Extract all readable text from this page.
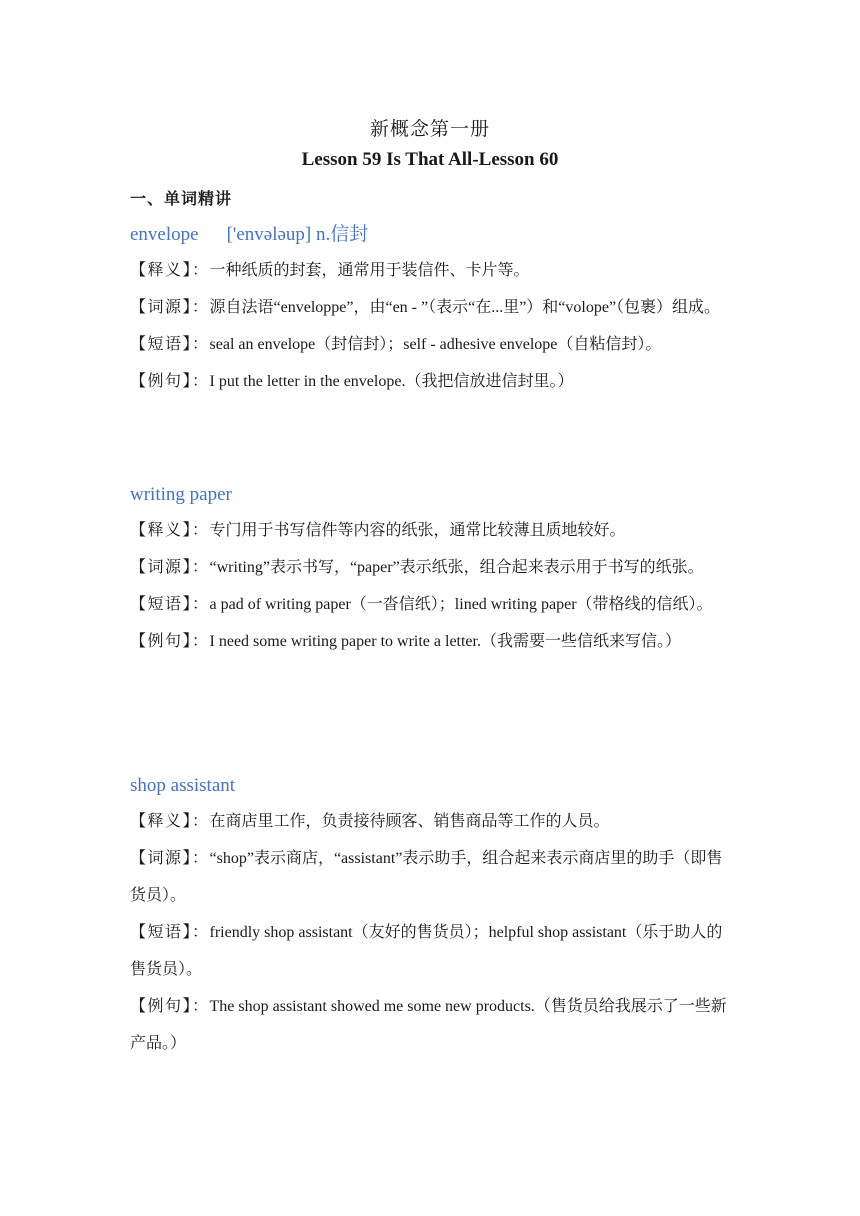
新概念第一册
Lesson 59 Is That All-Lesson 60
一、单词精讲
envelope ['envələup] n.信封

【释义】：一种纸质的封套，通常用于装信件、卡片等。

【词源】：源自法语“enveloppe”，由“en - ”（表示“在...里”）和“volope”（包裹）组成。

【短语】：seal an envelope（封信封）；self - adhesive envelope（自粘信封）。

【例句】：I put the letter in the envelope.（我把信放进信封里。）

writing paper

【释义】：专门用于书写信件等内容的纸张，通常比较薄且质地较好。

【词源】：“writing”表示书写，“paper”表示纸张，组合起来表示用于书写的纸张。

【短语】：a pad of writing paper（一沓信纸）；lined writing paper（带格线的信纸）。

【例句】：I need some writing paper to write a letter.（我需要一些信纸来写信。）

shop assistant

【释义】：在商店里工作，负责接待顾客、销售商品等工作的人员。

【词源】：“shop”表示商店，“assistant”表示助手，组合起来表示商店里的助手（即售货员）。

【短语】：friendly shop assistant（友好的售货员）；helpful shop assistant（乐于助人的售货员）。

【例句】：The shop assistant showed me some new products.（售货员给我展示了一些新产品。）
